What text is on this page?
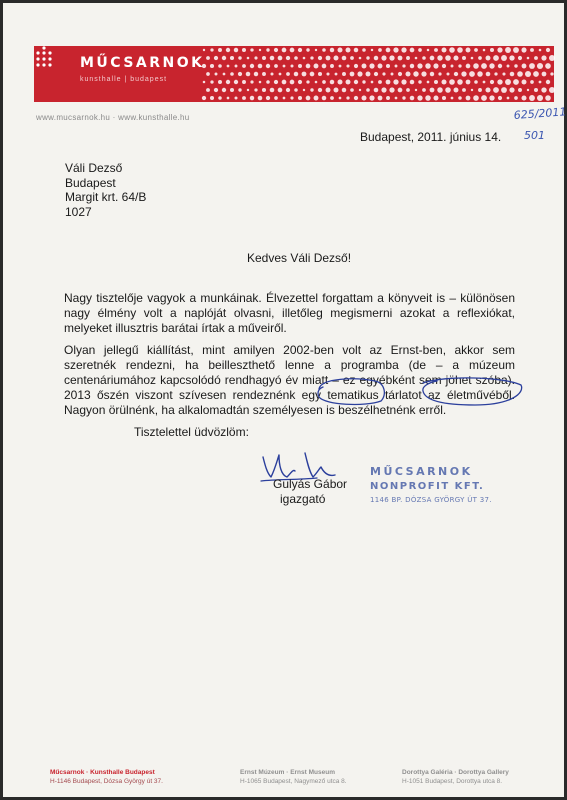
MŰCSARNOK
kunsthalle | budapest
www.mucsarnok.hu · www.kunsthalle.hu	625/2011
501
Budapest, 2011. június 14.
Váli Dezső
Budapest
Margit krt. 64/B
1027
Kedves Váli Dezső!
Nagy tisztelője vagyok a munkáinak. Élvezettel forgattam a könyveit is – különösen nagy élmény volt a naplóját olvasni, illetőleg megismerni azokat a reflexiókat, melyeket illusztris barátai írtak a műveiről.
Olyan jellegű kiállítást, mint amilyen 2002-ben volt az Ernst-ben, akkor sem szeretnék rendezni, ha beilleszthető lenne a programba (de – a múzeum centenáriumához kapcsolódó rendhagyó év miatt – ez egyébként sem jöhet szóba). 2013 őszén viszont szívesen rendeznénk egy tematikus tárlatot az életművéből. Nagyon örülnénk, ha alkalomadtán személyesen is beszélhetnénk erről.
Tisztelettel üdvözlöm:
Gulyás Gábor
igazgató
MŰCSARNOK
NONPROFIT KFT.
1146 BP. DÓZSA GYÖRGY ÚT 37.
Műcsarnok · Kunsthalle Budapest
H-1146 Budapest, Dózsa György út 37.
Ernst Múzeum · Ernst Museum
H-1065 Budapest, Nagymező utca 8.
Dorottya Galéria · Dorottya Gallery
H-1051 Budapest, Dorottya utca 8.
